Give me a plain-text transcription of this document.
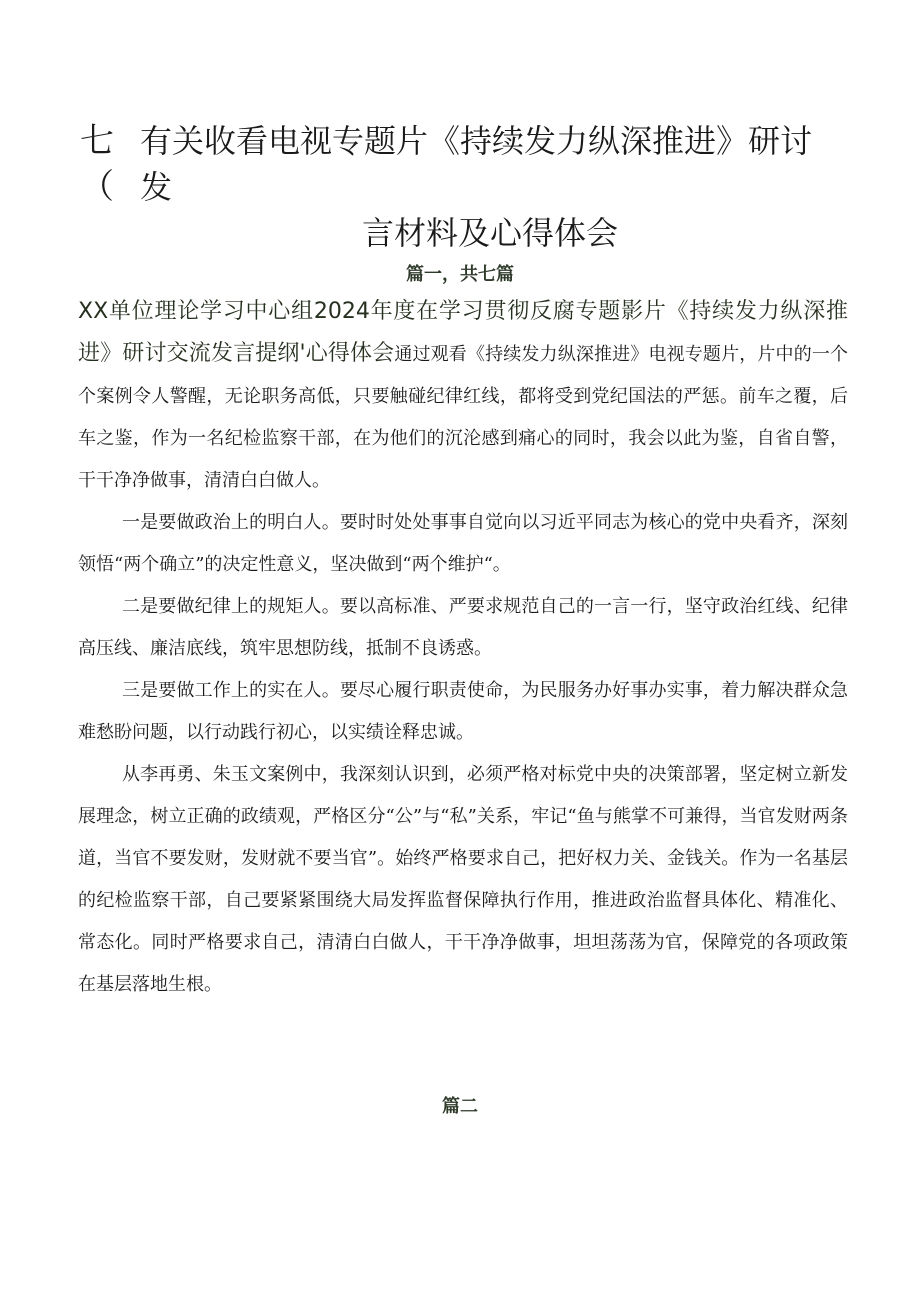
七
（
有关收看电视专题片《持续发力纵深推进》研讨发
言材料及心得体会
篇一，共七篇

XX单位理论学习中心组2024年度在学习贯彻反腐专题影片《持续发力纵深推进》研讨交流发言提纲'心得体会通过观看《持续发力纵深推进》电视专题片，片中的一个个案例令人警醒，无论职务高低，只要触碰纪律红线，都将受到党纪国法的严惩。前车之覆，后车之鉴，作为一名纪检监察干部，在为他们的沉沦感到痛心的同时，我会以此为鉴，自省自警，干干净净做事，清清白白做人。

一是要做政治上的明白人。要时时处处事事自觉向以习近平同志为核心的党中央看齐，深刻领悟“两个确立”的决定性意义，坚决做到“两个维护“。

二是要做纪律上的规矩人。要以高标准、严要求规范自己的一言一行，坚守政治红线、纪律高压线、廉洁底线，筑牢思想防线，抵制不良诱惑。

三是要做工作上的实在人。要尽心履行职责使命，为民服务办好事办实事，着力解决群众急难愁盼问题，以行动践行初心，以实绩诠释忠诚。

从李再勇、朱玉文案例中，我深刻认识到，必须严格对标党中央的决策部署，坚定树立新发展理念，树立正确的政绩观，严格区分“公”与“私”关系，牢记“鱼与熊掌不可兼得，当官发财两条道，当官不要发财，发财就不要当官”。始终严格要求自己，把好权力关、金钱关。作为一名基层的纪检监察干部，自己要紧紧围绕大局发挥监督保障执行作用，推进政治监督具体化、精准化、常态化。同时严格要求自己，清清白白做人，干干净净做事，坦坦荡荡为官，保障党的各项政策在基层落地生根。

篇二
